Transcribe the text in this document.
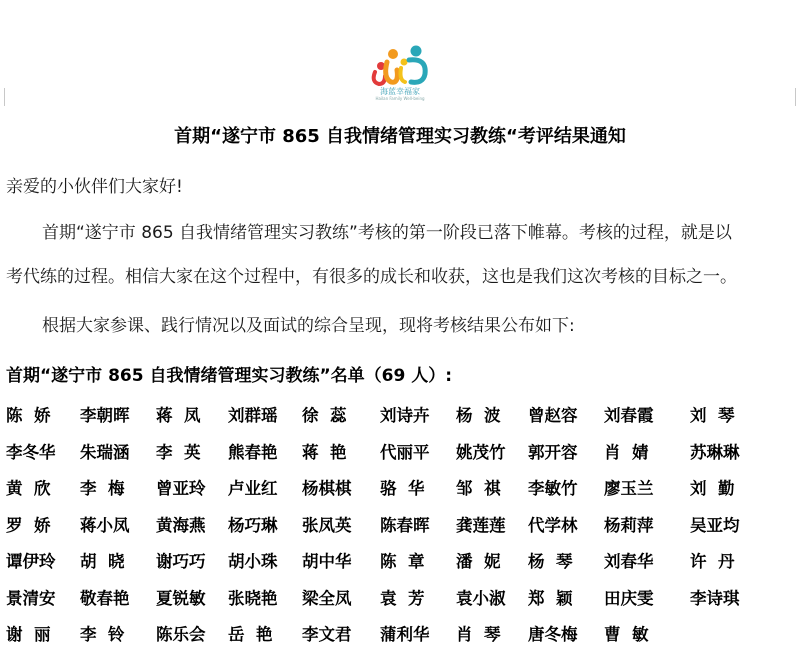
海蓝幸福家
Hailan Family Well-being
首期“遂宁市 865 自我情绪管理实习教练“考评结果通知
亲爱的小伙伴们大家好!
首期“遂宁市 865 自我情绪管理实习教练”考核的第一阶段已落下帷幕。考核的过程，就是以
考代练的过程。相信大家在这个过程中，有很多的成长和收获，这也是我们这次考核的目标之一。
根据大家参课、践行情况以及面试的综合呈现，现将考核结果公布如下:
首期“遂宁市 865 自我情绪管理实习教练”名单（69 人）:
陈  娇 李朝晖 蒋  凤 刘群瑶 徐  蕊 刘诗卉 杨  波 曾赵容 刘春霞 刘  琴
李冬华 朱瑞涵 李  英 熊春艳 蒋  艳 代丽平 姚茂竹 郭开容 肖  婧	苏琳琳
黄  欣 李  梅 曾亚玲 卢业红 杨棋棋 骆  华 邹  祺 李敏竹 廖玉兰 刘  勤
罗  娇 蒋小凤 黄海燕 杨巧琳 张凤英 陈春晖 龚莲莲 代学林 杨莉萍 吴亚均
谭伊玲 胡  晓 谢巧巧 胡小珠 胡中华 陈  章 潘  妮 杨  琴 刘春华 许  丹
景清安 敬春艳 夏锐敏 张晓艳 梁全凤 袁  芳 袁小淑 郑  颖 田庆雯 李诗琪
谢  丽 李  铃 陈乐会 岳  艳 李文君 蒲利华 肖  琴 唐冬梅 曹  敏
